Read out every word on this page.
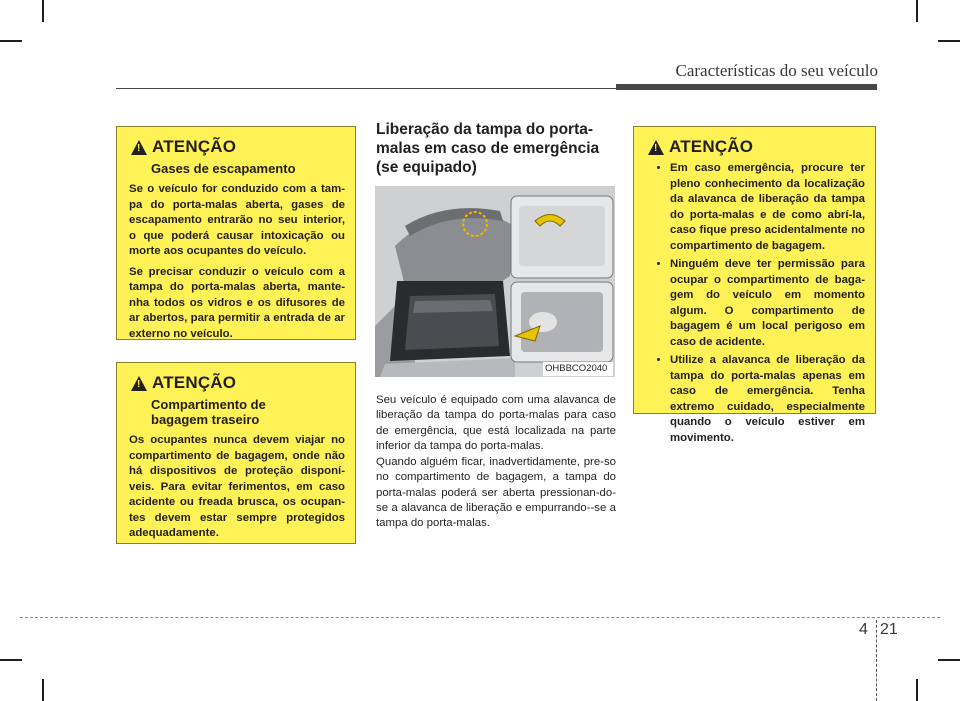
Características do seu veículo
!
ATENÇÃO
Gases de escapamento

Se o veículo for conduzido com a tam-pa do porta-malas aberta, gases de escapamento entrarão no seu interior, o que poderá causar intoxicação ou morte aos ocupantes do veículo.

Se precisar conduzir o veículo com a tampa do porta-malas aberta, mante-nha todos os vidros e os difusores de ar abertos, para permitir a entrada de ar externo no veículo.

!
ATENÇÃO
Compartimento de bagagem traseiro

Os ocupantes nunca devem viajar no compartimento de bagagem, onde não há dispositivos de proteção disponí-veis. Para evitar ferimentos, em caso acidente ou freada brusca, os ocupan-tes devem estar sempre protegidos adequadamente.

Liberação da tampa do porta-malas em caso de emergência (se equipado)
OHBBCO2040

Seu veículo é equipado com uma alavanca de liberação da tampa do porta-malas para caso de emergência, que está localizada na parte inferior da tampa do porta-malas.

Quando alguém ficar, inadvertidamente, pre-so no compartimento de bagagem, a tampa do porta-malas poderá ser aberta pressionan-do-se a alavanca de liberação e empurrando--se a tampa do porta-malas.

!
ATENÇÃO
• Em caso emergência, procure ter pleno conhecimento da localização da alavanca de liberação da tampa do porta-malas e de como abrí-la, caso fique preso acidentalmente no compartimento de bagagem.
• Ninguém deve ter permissão para ocupar o compartimento de baga-gem do veículo em momento algum. O compartimento de bagagem é um local perigoso em caso de acidente.
• Utilize a alavanca de liberação da tampa do porta-malas apenas em caso de emergência. Tenha extremo cuidado, especialmente quando o veículo estiver em movimento.
4 21
